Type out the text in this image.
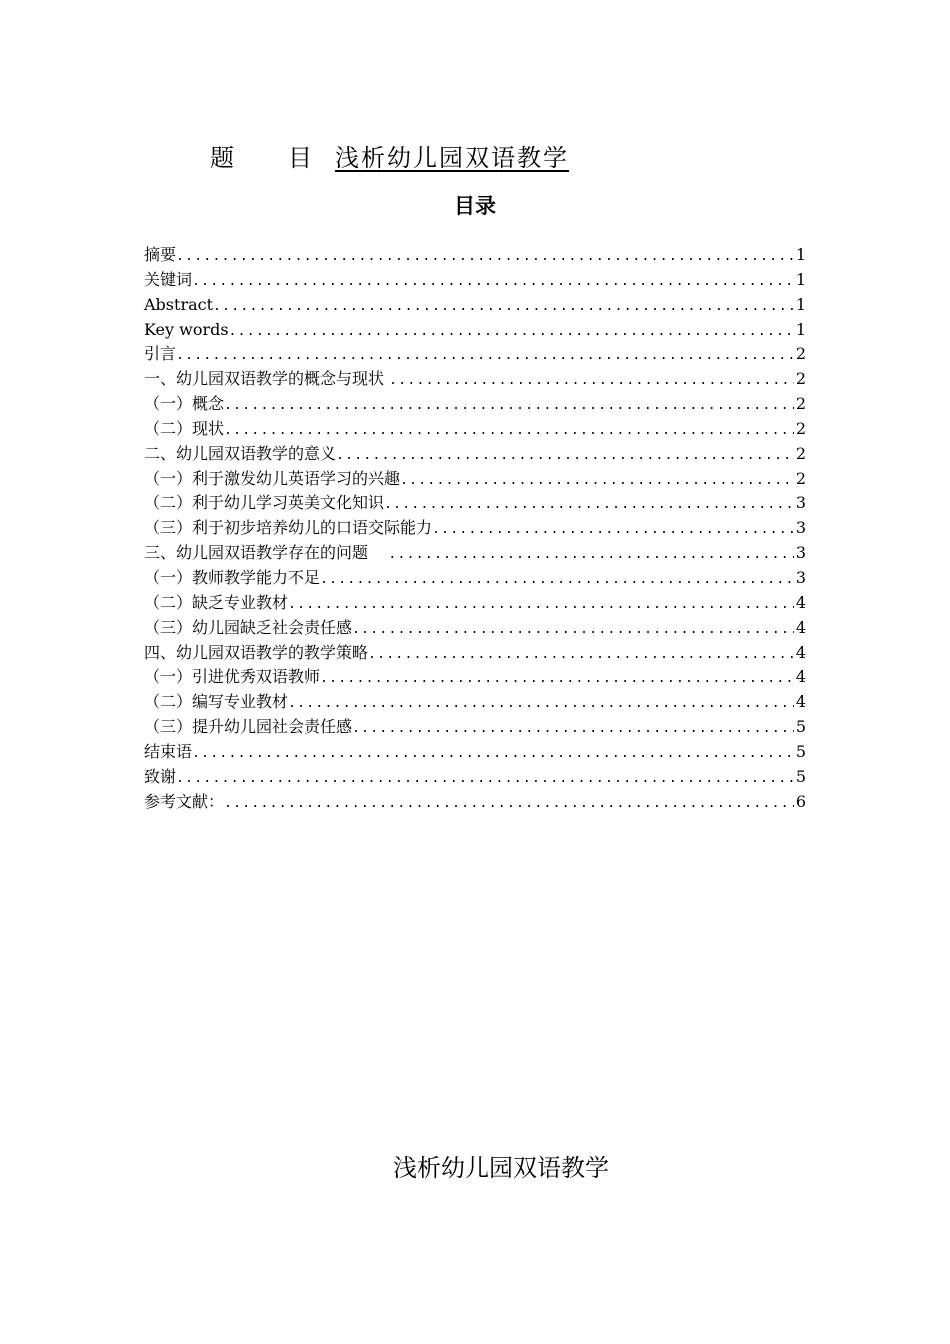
题 目 浅析幼儿园双语教学
目录
摘要 .....	1
关键词 .....	1
Abstract .....	1
Key words .....	1
引言 .....	2
一、幼儿园双语教学的概念与现状 .....	2
（一）概念 .....	2
（二）现状 .....	2
二、幼儿园双语教学的意义 .....	2
（一）利于激发幼儿英语学习的兴趣 .....	2
（二）利于幼儿学习英美文化知识 .....	3
（三）利于初步培养幼儿的口语交际能力 .....	3
三、幼儿园双语教学存在的问题 .....	3
（一）教师教学能力不足 .....	3
（二）缺乏专业教材 .....	4
（三）幼儿园缺乏社会责任感 .....	4
四、幼儿园双语教学的教学策略 .....	4
（一）引进优秀双语教师 .....	4
（二）编写专业教材 .....	4
（三）提升幼儿园社会责任感 .....	5
结束语 .....	5
致谢 .....	5
参考文献： .....	6
浅析幼儿园双语教学
